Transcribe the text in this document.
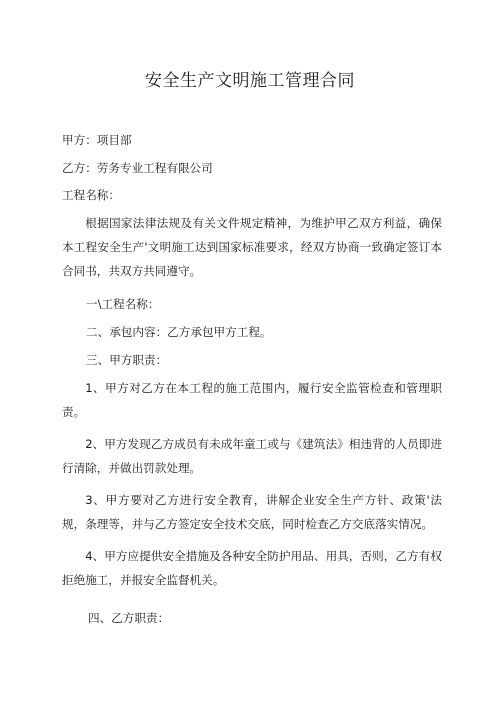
安全生产文明施工管理合同
甲方：项目部
乙方：劳务专业工程有限公司
工程名称：
根据国家法律法规及有关文件规定精神，为维护甲乙双方利益，确保本工程安全生产'文明施工达到国家标准要求，经双方协商一致确定签订本合同书，共双方共同遵守。
一\工程名称：
二、承包内容：乙方承包甲方工程。
三、甲方职责：
1、甲方对乙方在本工程的施工范围内，履行安全监管检查和管理职责。
2、甲方发现乙方成员有未成年童工或与《建筑法》相违背的人员即进行清除，并做出罚款处理。
3、甲方要对乙方进行安全教育，讲解企业安全生产方针、政策'法规，条理等，并与乙方签定安全技术交底，同时检查乙方交底落实情况。
4、甲方应提供安全措施及各种安全防护用品、用具，否则，乙方有权拒绝施工，并报安全监督机关。
四、乙方职责：
